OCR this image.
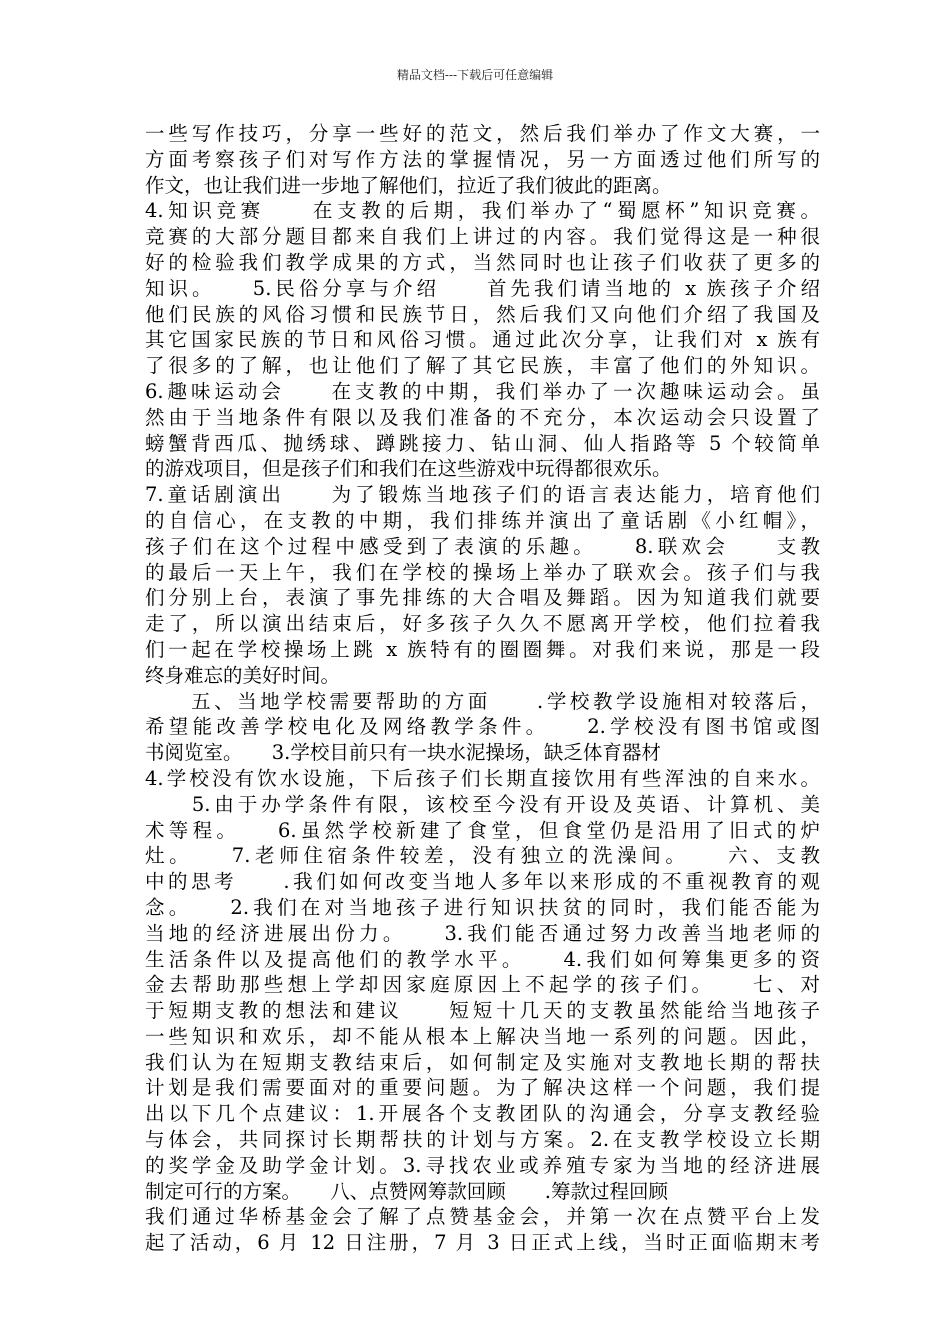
精品文档---下载后可任意编辑
一些写作技巧，分享一些好的范文，然后我们举办了作文大赛，一
方面考察孩子们对写作方法的掌握情况，另一方面透过他们所写的
作文，也让我们进一步地了解他们，拉近了我们彼此的距离。
4.知识竞赛　　在支教的后期，我们举办了“蜀愿杯”知识竞赛。
竞赛的大部分题目都来自我们上讲过的内容。我们觉得这是一种很
好的检验我们教学成果的方式，当然同时也让孩子们收获了更多的
知识。　　5.民俗分享与介绍　　首先我们请当地的 x 族孩子介绍
他们民族的风俗习惯和民族节日，然后我们又向他们介绍了我国及
其它国家民族的节日和风俗习惯。通过此次分享，让我们对 x 族有
了很多的了解，也让他们了解了其它民族，丰富了他们的外知识。
6.趣味运动会　　在支教的中期，我们举办了一次趣味运动会。虽
然由于当地条件有限以及我们准备的不充分，本次运动会只设置了
螃蟹背西瓜、抛绣球、蹲跳接力、钻山洞、仙人指路等 5 个较简单
的游戏项目，但是孩子们和我们在这些游戏中玩得都很欢乐。
7.童话剧演出　　为了锻炼当地孩子们的语言表达能力，培育他们
的自信心，在支教的中期，我们排练并演出了童话剧《小红帽》，
孩子们在这个过程中感受到了表演的乐趣。　　8.联欢会　　支教
的最后一天上午，我们在学校的操场上举办了联欢会。孩子们与我
们分别上台，表演了事先排练的大合唱及舞蹈。因为知道我们就要
走了，所以演出结束后，好多孩子久久不愿离开学校，他们拉着我
们一起在学校操场上跳 x 族特有的圈圈舞。对我们来说，那是一段
终身难忘的美好时间。
　　五、当地学校需要帮助的方面　　.学校教学设施相对较落后，
希望能改善学校电化及网络教学条件。　　2.学校没有图书馆或图
书阅览室。　　3.学校目前只有一块水泥操场，缺乏体育器材
4.学校没有饮水设施，下后孩子们长期直接饮用有些浑浊的自来水。
　　5.由于办学条件有限，该校至今没有开设及英语、计算机、美
术等程。　　6.虽然学校新建了食堂，但食堂仍是沿用了旧式的炉
灶。　　7.老师住宿条件较差，没有独立的洗澡间。　　六、支教
中的思考　　.我们如何改变当地人多年以来形成的不重视教育的观
念。　　2.我们在对当地孩子进行知识扶贫的同时，我们能否能为
当地的经济进展出份力。　　3.我们能否通过努力改善当地老师的
生活条件以及提高他们的教学水平。　　4.我们如何筹集更多的资
金去帮助那些想上学却因家庭原因上不起学的孩子们。　　七、对
于短期支教的想法和建议　　短短十几天的支教虽然能给当地孩子
一些知识和欢乐，却不能从根本上解决当地一系列的问题。因此，
我们认为在短期支教结束后，如何制定及实施对支教地长期的帮扶
计划是我们需要面对的重要问题。为了解决这样一个问题，我们提
出以下几个点建议：1.开展各个支教团队的沟通会，分享支教经验
与体会，共同探讨长期帮扶的计划与方案。2.在支教学校设立长期
的奖学金及助学金计划。3.寻找农业或养殖专家为当地的经济进展
制定可行的方案。　　八、点赞网筹款回顾　　.筹款过程回顾
我们通过华桥基金会了解了点赞基金会，并第一次在点赞平台上发
起了活动，6 月 12 日注册，7 月 3 日正式上线，当时正面临期末考
